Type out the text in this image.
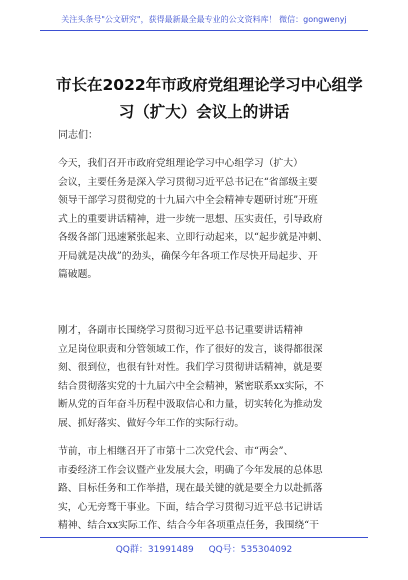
关注头条号"公文研究"，获得最新最全最专业的公文资料库！ 微信：gongwenyj
市长在2022年市政府党组理论学习中心组学
习（扩大）会议上的讲话
同志们：
今天，我们召开市政府党组理论学习中心组学习（扩大）
会议，主要任务是深入学习贯彻习近平总书记在“省部级主要
领导干部学习贯彻党的十九届六中全会精神专题研讨班”开班
式上的重要讲话精神，进一步统一思想、压实责任，引导政府
各级各部门迅速紧张起来、立即行动起来，以“起步就是冲刺、
开局就是决战”的劲头，确保今年各项工作尽快开局起步、开
篇破题。
刚才，各副市长围绕学习贯彻习近平总书记重要讲话精神
立足岗位职责和分管领域工作，作了很好的发言，谈得都很深
刻、很到位，也很有针对性。我们学习贯彻讲话精神，就是要
结合贯彻落实党的十九届六中全会精神，紧密联系xx实际，不
断从党的百年奋斗历程中汲取信心和力量，切实转化为推动发
展、抓好落实、做好今年工作的实际行动。
节前，市上相继召开了市第十二次党代会、市“两会”、
市委经济工作会议暨产业发展大会，明确了今年发展的总体思
路、目标任务和工作举措，现在最关键的就是要全力以赴抓落
实，心无旁骛干事业。下面，结合学习贯彻习近平总书记讲话
精神、结合xx实际工作、结合今年各项重点任务，我围绕“干
QQ群：31991489 QQ号：535304092
